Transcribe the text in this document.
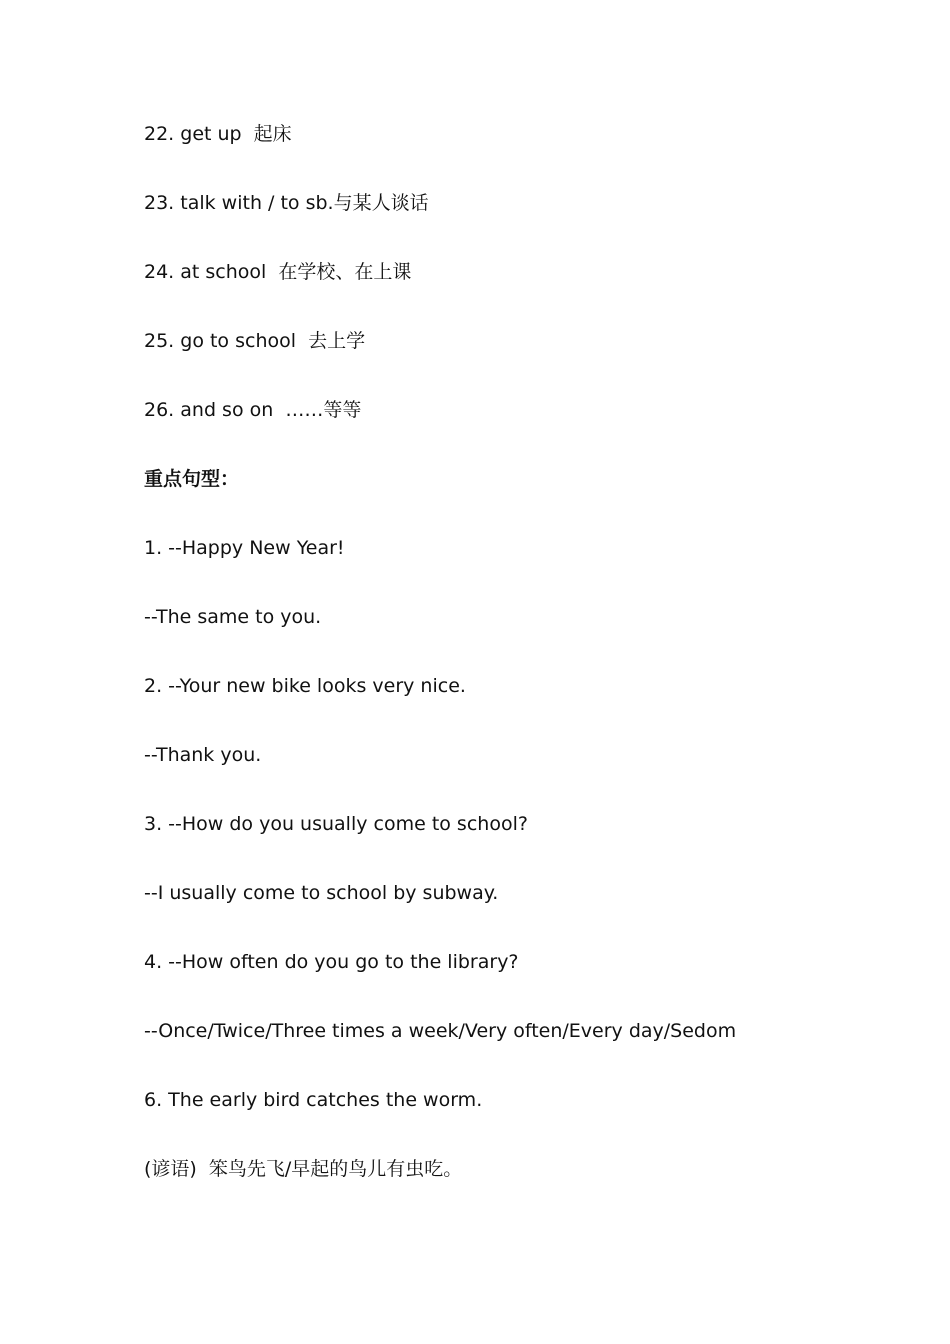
22. get up  起床
23. talk with / to sb.与某人谈话
24. at school  在学校、在上课
25. go to school  去上学
26. and so on  ……等等
重点句型：
1. --Happy New Year!
--The same to you.
2. --Your new bike looks very nice.
--Thank you.
3. --How do you usually come to school?
--I usually come to school by subway.
4. --How often do you go to the library?
--Once/Twice/Three times a week/Very often/Every day/Sedom
6. The early bird catches the worm.
(谚语)  笨鸟先飞/早起的鸟儿有虫吃。
